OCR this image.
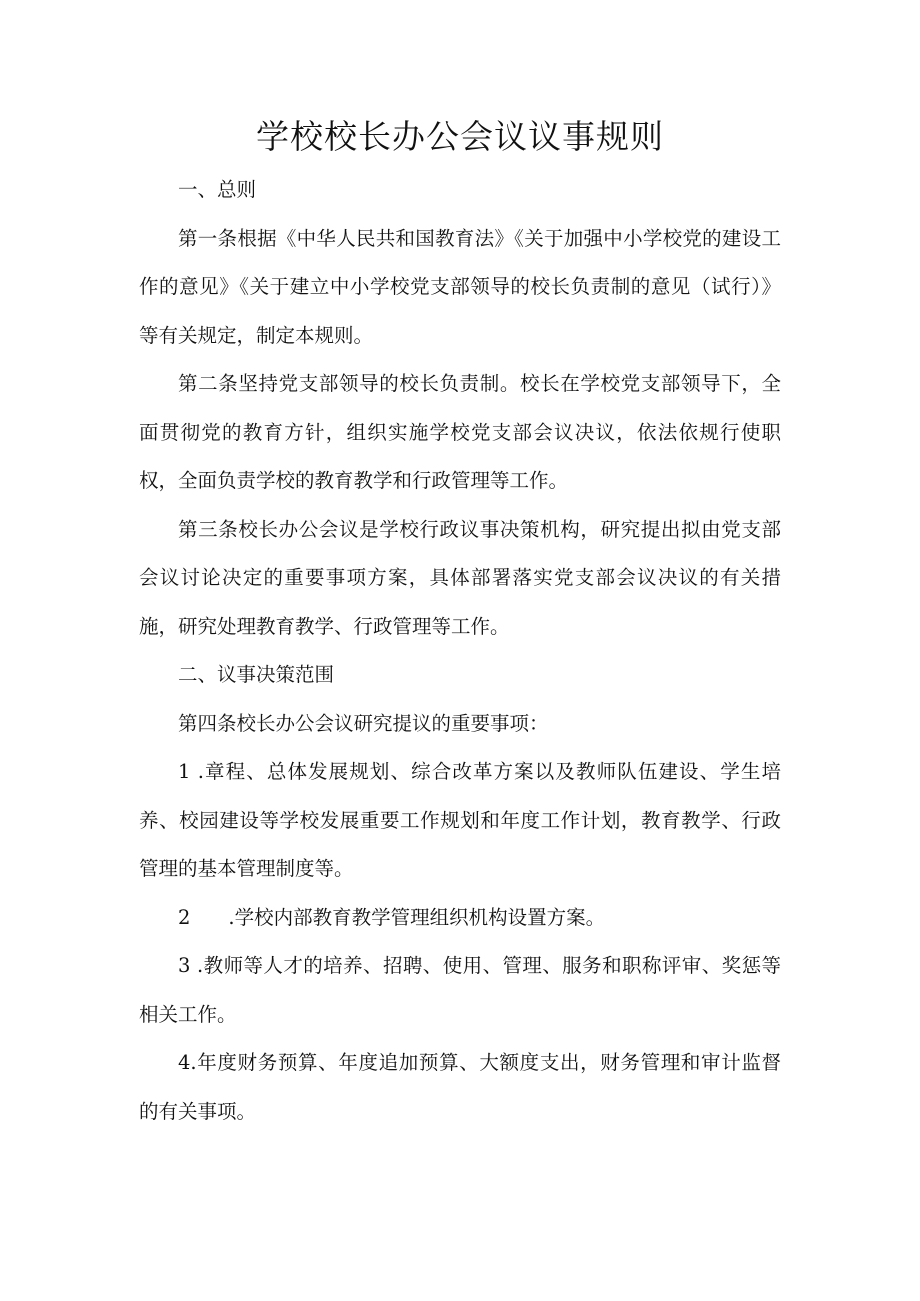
学校校长办公会议议事规则

一、总则

第一条根据《中华人民共和国教育法》《关于加强中小学校党的建设工作的意见》《关于建立中小学校党支部领导的校长负责制的意见（试行）》等有关规定，制定本规则。

第二条坚持党支部领导的校长负责制。校长在学校党支部领导下，全面贯彻党的教育方针，组织实施学校党支部会议决议，依法依规行使职权，全面负责学校的教育教学和行政管理等工作。

第三条校长办公会议是学校行政议事决策机构，研究提出拟由党支部会议讨论决定的重要事项方案，具体部署落实党支部会议决议的有关措施，研究处理教育教学、行政管理等工作。

二、议事决策范围

第四条校长办公会议研究提议的重要事项：

1 .章程、总体发展规划、综合改革方案以及教师队伍建设、学生培养、校园建设等学校发展重要工作规划和年度工作计划，教育教学、行政管理的基本管理制度等。

2 .学校内部教育教学管理组织机构设置方案。

3 .教师等人才的培养、招聘、使用、管理、服务和职称评审、奖惩等相关工作。

4.年度财务预算、年度追加预算、大额度支出，财务管理和审计监督的有关事项。
